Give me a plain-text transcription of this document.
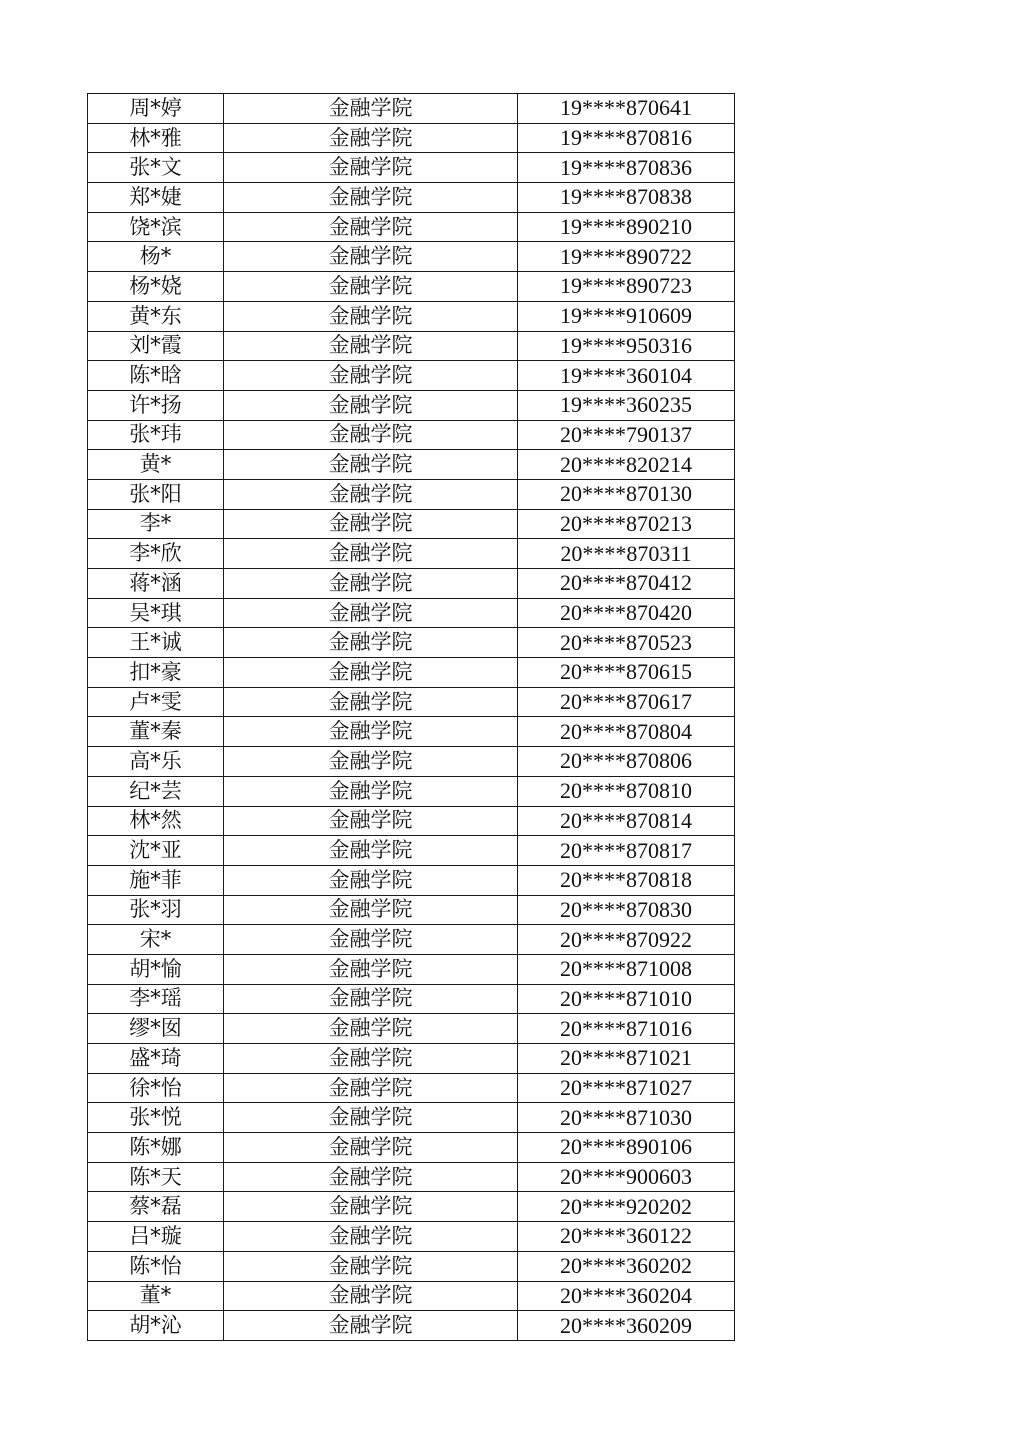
周*婷	金融学院	19****870641
林*雅	金融学院	19****870816
张*文	金融学院	19****870836
郑*婕	金融学院	19****870838
饶*滨	金融学院	19****890210
杨*	金融学院	19****890722
杨*娆	金融学院	19****890723
黄*东	金融学院	19****910609
刘*霞	金融学院	19****950316
陈*晗	金融学院	19****360104
许*扬	金融学院	19****360235
张*玮	金融学院	20****790137
黄*	金融学院	20****820214
张*阳	金融学院	20****870130
李*	金融学院	20****870213
李*欣	金融学院	20****870311
蒋*涵	金融学院	20****870412
吴*琪	金融学院	20****870420
王*诚	金融学院	20****870523
扣*豪	金融学院	20****870615
卢*雯	金融学院	20****870617
董*秦	金融学院	20****870804
高*乐	金融学院	20****870806
纪*芸	金融学院	20****870810
林*然	金融学院	20****870814
沈*亚	金融学院	20****870817
施*菲	金融学院	20****870818
张*羽	金融学院	20****870830
宋*	金融学院	20****870922
胡*愉	金融学院	20****871008
李*瑶	金融学院	20****871010
缪*囡	金融学院	20****871016
盛*琦	金融学院	20****871021
徐*怡	金融学院	20****871027
张*悦	金融学院	20****871030
陈*娜	金融学院	20****890106
陈*天	金融学院	20****900603
蔡*磊	金融学院	20****920202
吕*璇	金融学院	20****360122
陈*怡	金融学院	20****360202
董*	金融学院	20****360204
胡*沁	金融学院	20****360209
